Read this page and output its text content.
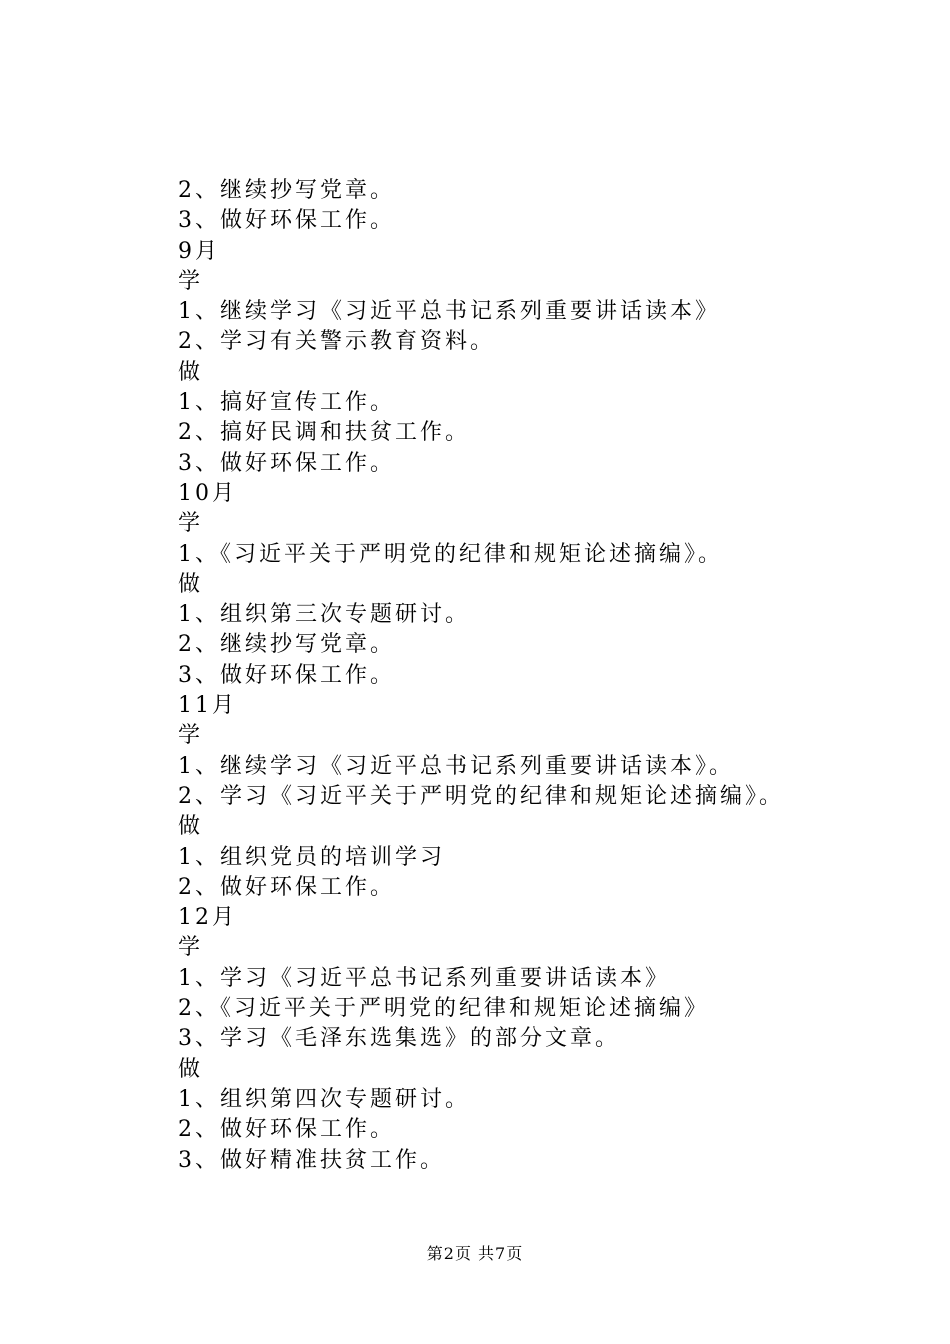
2、继续抄写党章。
3、做好环保工作。
9月
学
1、继续学习《习近平总书记系列重要讲话读本》
2、学习有关警示教育资料。
做
1、搞好宣传工作。
2、搞好民调和扶贫工作。
3、做好环保工作。
10月
学
1、《习近平关于严明党的纪律和规矩论述摘编》。
做
1、组织第三次专题研讨。
2、继续抄写党章。
3、做好环保工作。
11月
学
1、继续学习《习近平总书记系列重要讲话读本》。
2、学习《习近平关于严明党的纪律和规矩论述摘编》。
做
1、组织党员的培训学习
2、做好环保工作。
12月
学
1、学习《习近平总书记系列重要讲话读本》
2、《习近平关于严明党的纪律和规矩论述摘编》
3、学习《毛泽东选集选》的部分文章。
做
1、组织第四次专题研讨。
2、做好环保工作。
3、做好精准扶贫工作。
第2页 共7页
